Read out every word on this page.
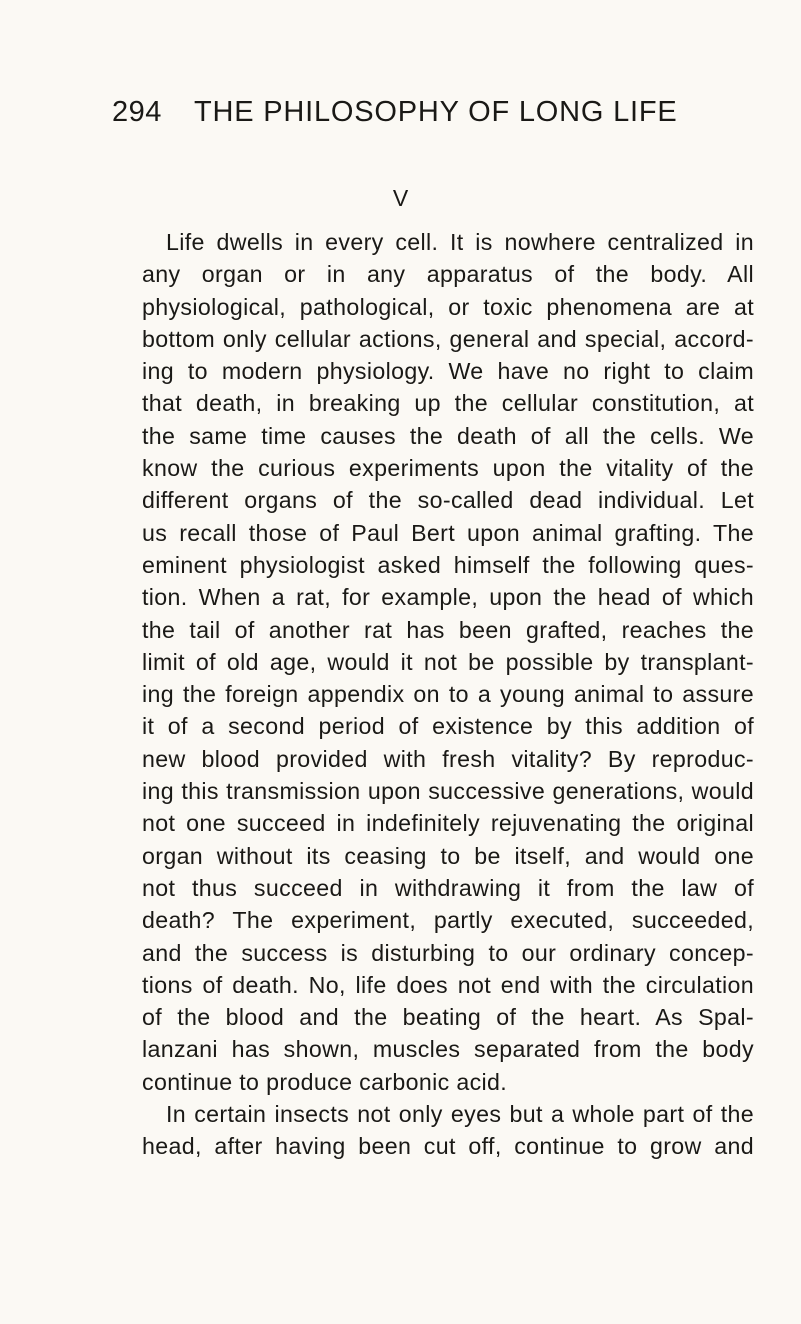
294 THE PHILOSOPHY OF LONG LIFE
V
Life dwells in every cell. It is nowhere centralized in
any organ or in any apparatus of the body. All
physiological, pathological, or toxic phenomena are at
bottom only cellular actions, general and special, accord-
ing to modern physiology. We have no right to claim
that death, in breaking up the cellular constitution, at
the same time causes the death of all the cells. We
know the curious experiments upon the vitality of the
different organs of the so-called dead individual. Let
us recall those of Paul Bert upon animal grafting. The
eminent physiologist asked himself the following ques-
tion. When a rat, for example, upon the head of which
the tail of another rat has been grafted, reaches the
limit of old age, would it not be possible by transplant-
ing the foreign appendix on to a young animal to assure
it of a second period of existence by this addition of
new blood provided with fresh vitality? By reproduc-
ing this transmission upon successive generations, would
not one succeed in indefinitely rejuvenating the original
organ without its ceasing to be itself, and would one
not thus succeed in withdrawing it from the law of
death? The experiment, partly executed, succeeded,
and the success is disturbing to our ordinary concep-
tions of death. No, life does not end with the circulation
of the blood and the beating of the heart. As Spal-
lanzani has shown, muscles separated from the body
continue to produce carbonic acid.
In certain insects not only eyes but a whole part of the
head, after having been cut off, continue to grow and
